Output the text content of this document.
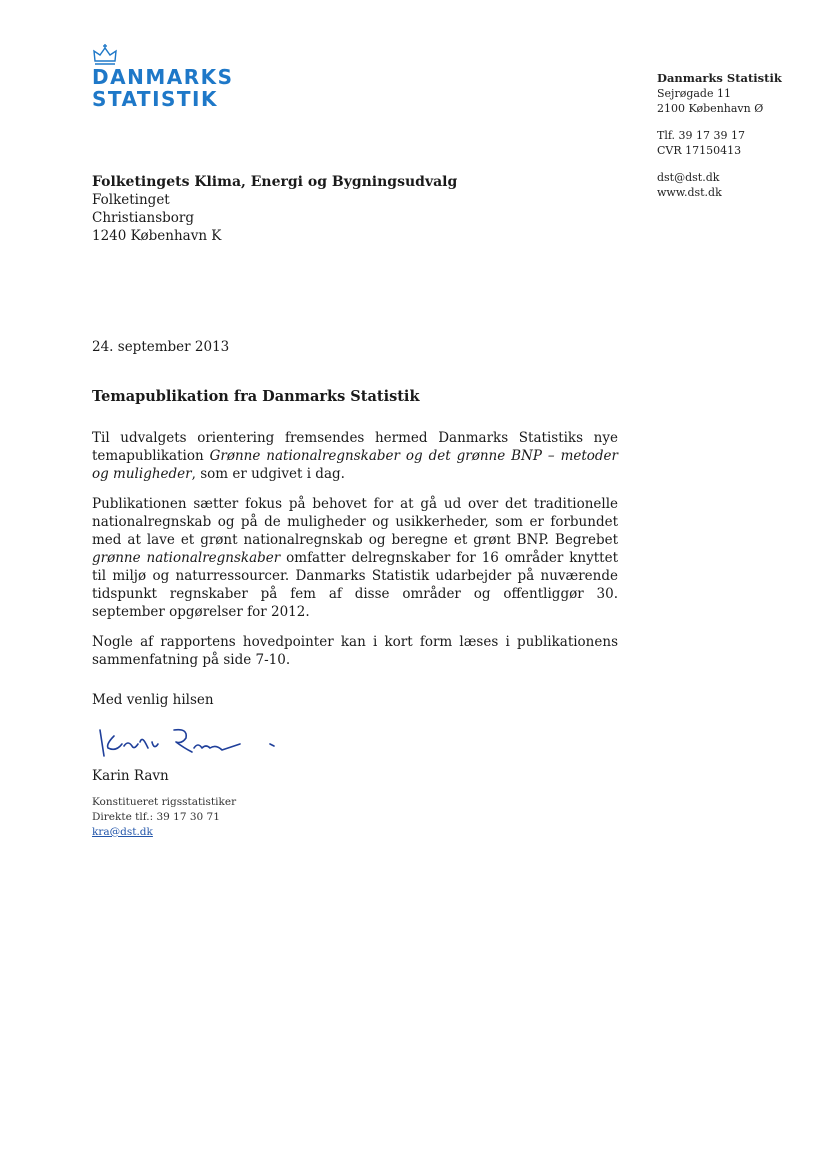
DANMARKS
STATISTIK
Danmarks Statistik
Sejrøgade 11
2100 København Ø
Tlf. 39 17 39 17
CVR 17150413
dst@dst.dk
www.dst.dk
Folketingets Klima, Energi og Bygningsudvalg
Folketinget
Christiansborg
1240 København K
24. september 2013
Temapublikation fra Danmarks Statistik

Til udvalgets orientering fremsendes hermed Danmarks Statistiks nye temapublikation Grønne nationalregnskaber og det grønne BNP – metoder og muligheder, som er udgivet i dag.

Publikationen sætter fokus på behovet for at gå ud over det traditionelle nationalregnskab og på de muligheder og usikkerheder, som er forbundet med at lave et grønt nationalregnskab og beregne et grønt BNP. Begrebet grønne nationalregnskaber omfatter delregnskaber for 16 områder knyttet til miljø og naturressourcer. Danmarks Statistik udarbejder på nuværende tidspunkt regnskaber på fem af disse områder og offentliggør 30. september opgørelser for 2012.

Nogle af rapportens hovedpointer kan i kort form læses i publikationens sammenfatning på side 7-10.

Med venlig hilsen
Karin Ravn
Konstitueret rigsstatistiker
Direkte tlf.: 39 17 30 71
kra@dst.dk
